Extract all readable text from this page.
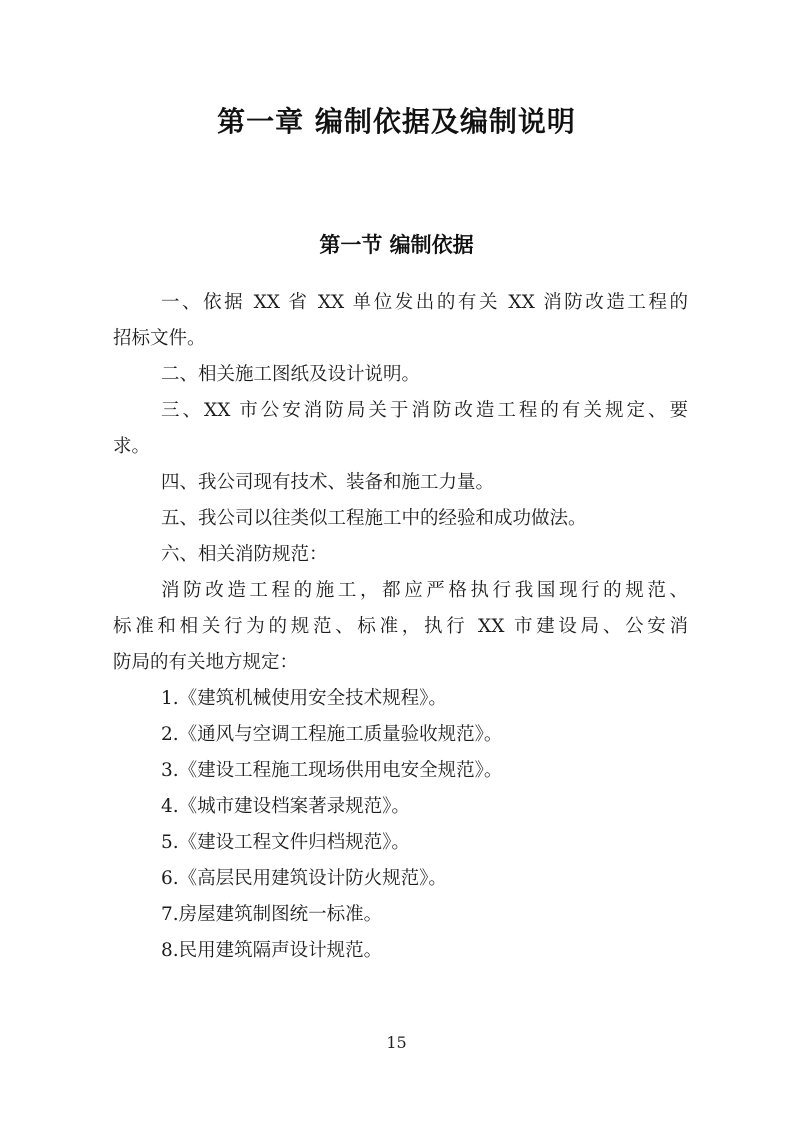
第一章 编制依据及编制说明
第一节 编制依据
一、依据 XX 省 XX 单位发出的有关 XX 消防改造工程的
招标文件。
二、相关施工图纸及设计说明。
三、XX 市公安消防局关于消防改造工程的有关规定、要
求。
四、我公司现有技术、装备和施工力量。
五、我公司以往类似工程施工中的经验和成功做法。
六、相关消防规范：
消防改造工程的施工，都应严格执行我国现行的规范、
标准和相关行为的规范、标准，执行 XX 市建设局、公安消
防局的有关地方规定：
1.《建筑机械使用安全技术规程》。
2.《通风与空调工程施工质量验收规范》。
3.《建设工程施工现场供用电安全规范》。
4.《城市建设档案著录规范》。
5.《建设工程文件归档规范》。
6.《高层民用建筑设计防火规范》。
7.房屋建筑制图统一标准。
8.民用建筑隔声设计规范。
15
